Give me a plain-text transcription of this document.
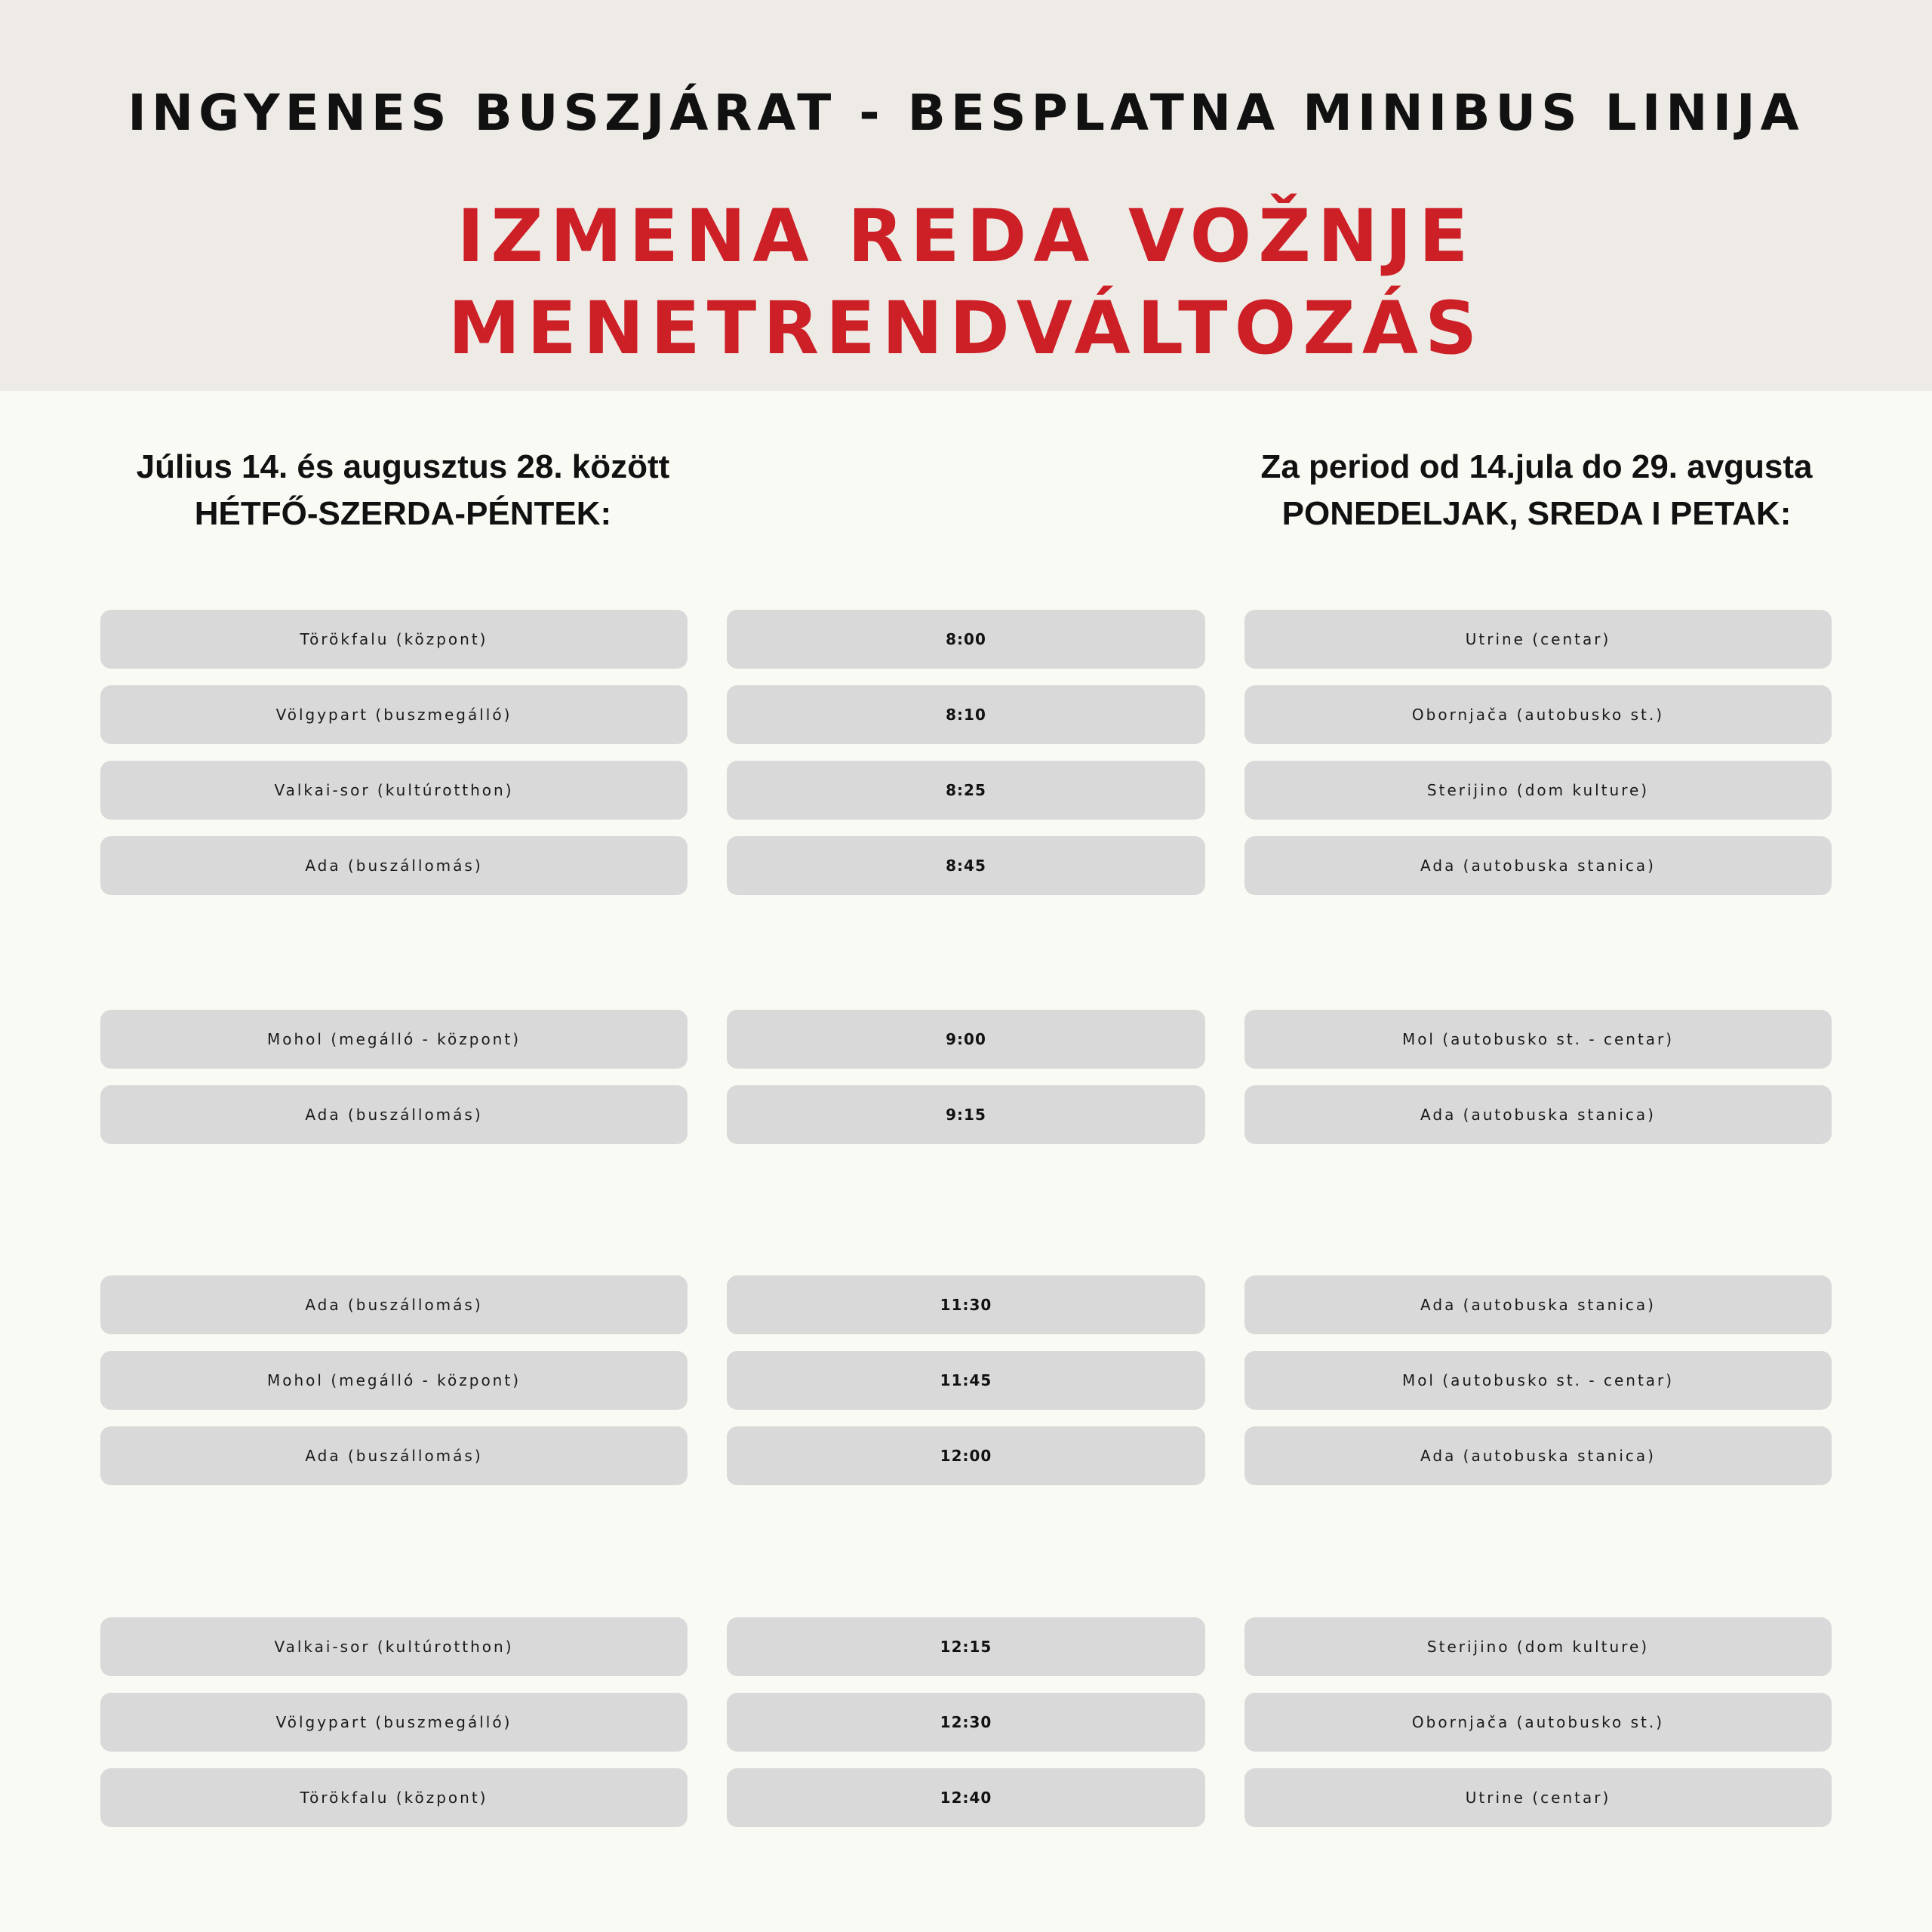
INGYENES BUSZJÁRAT - BESPLATNA MINIBUS LINIJA
IZMENA REDA VOŽNJE
MENETRENDVÁLTOZÁS
Július 14. és augusztus 28. között
HÉTFŐ-SZERDA-PÉNTEK:
Za period od 14.jula do 29. avgusta
PONEDELJAK, SREDA I PETAK:
Törökfalu (központ)	8:00	Utrine (centar)
Völgypart (buszmegálló)	8:10	Obornjača (autobusko st.)
Valkai-sor (kultúrotthon)	8:25	Sterijino (dom kulture)
Ada (buszállomás)	8:45	Ada (autobuska stanica)
Mohol (megálló - központ)	9:00	Mol (autobusko st. - centar)
Ada (buszállomás)	9:15	Ada (autobuska stanica)
Ada (buszállomás)	11:30	Ada (autobuska stanica)
Mohol (megálló - központ)	11:45	Mol (autobusko st. - centar)
Ada (buszállomás)	12:00	Ada (autobuska stanica)
Valkai-sor (kultúrotthon)	12:15	Sterijino (dom kulture)
Völgypart (buszmegálló)	12:30	Obornjača (autobusko st.)
Törökfalu (központ)	12:40	Utrine (centar)
